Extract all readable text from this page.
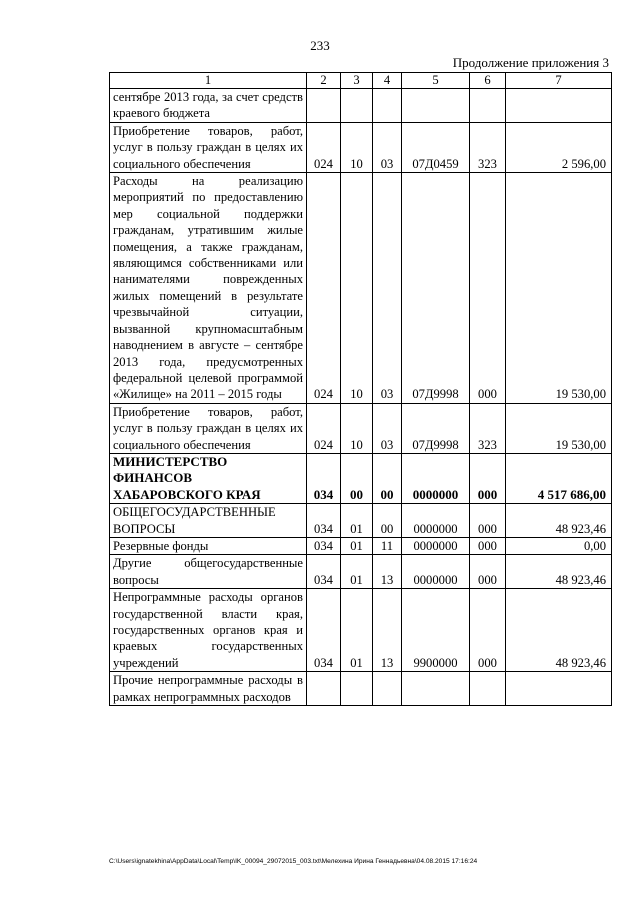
233
Продолжение приложения 3
1	2	3	4	5	6	7
сентябре 2013 года, за счет средств краевого бюджета						
Приобретение товаров, работ, услуг в пользу граждан в целях их социального обеспечения	024	10	03	07Д0459	323	2 596,00
Расходы на реализацию мероприятий по предоставлению мер социальной поддержки гражданам, утратившим жилые помещения, а также гражданам, являющимся собственниками или нанимателями поврежденных жилых помещений в результате чрезвычайной ситуации, вызванной крупномасштабным наводнением в августе – сентябре 2013 года, предусмотренных федеральной целевой программой «Жилище» на 2011 – 2015 годы	024	10	03	07Д9998	000	19 530,00
Приобретение товаров, работ, услуг в пользу граждан в целях их социального обеспечения	024	10	03	07Д9998	323	19 530,00
МИНИСТЕРСТВО ФИНАНСОВ ХАБАРОВСКОГО КРАЯ	034	00	00	0000000	000	4 517 686,00
ОБЩЕГОСУДАРСТВЕННЫЕ ВОПРОСЫ	034	01	00	0000000	000	48 923,46
Резервные фонды	034	01	11	0000000	000	0,00
Другие общегосударственные вопросы	034	01	13	0000000	000	48 923,46
Непрограммные расходы органов государственной власти края, государственных органов края и краевых государственных учреждений	034	01	13	9900000	000	48 923,46
Прочие непрограммные расходы в рамках непрограммных расходов						
C:\Users\ignatekhina\AppData\Local\Temp\IK_00094_29072015_003.txt\Мелехина Ирина Геннадьевна\04.08.2015 17:16:24
